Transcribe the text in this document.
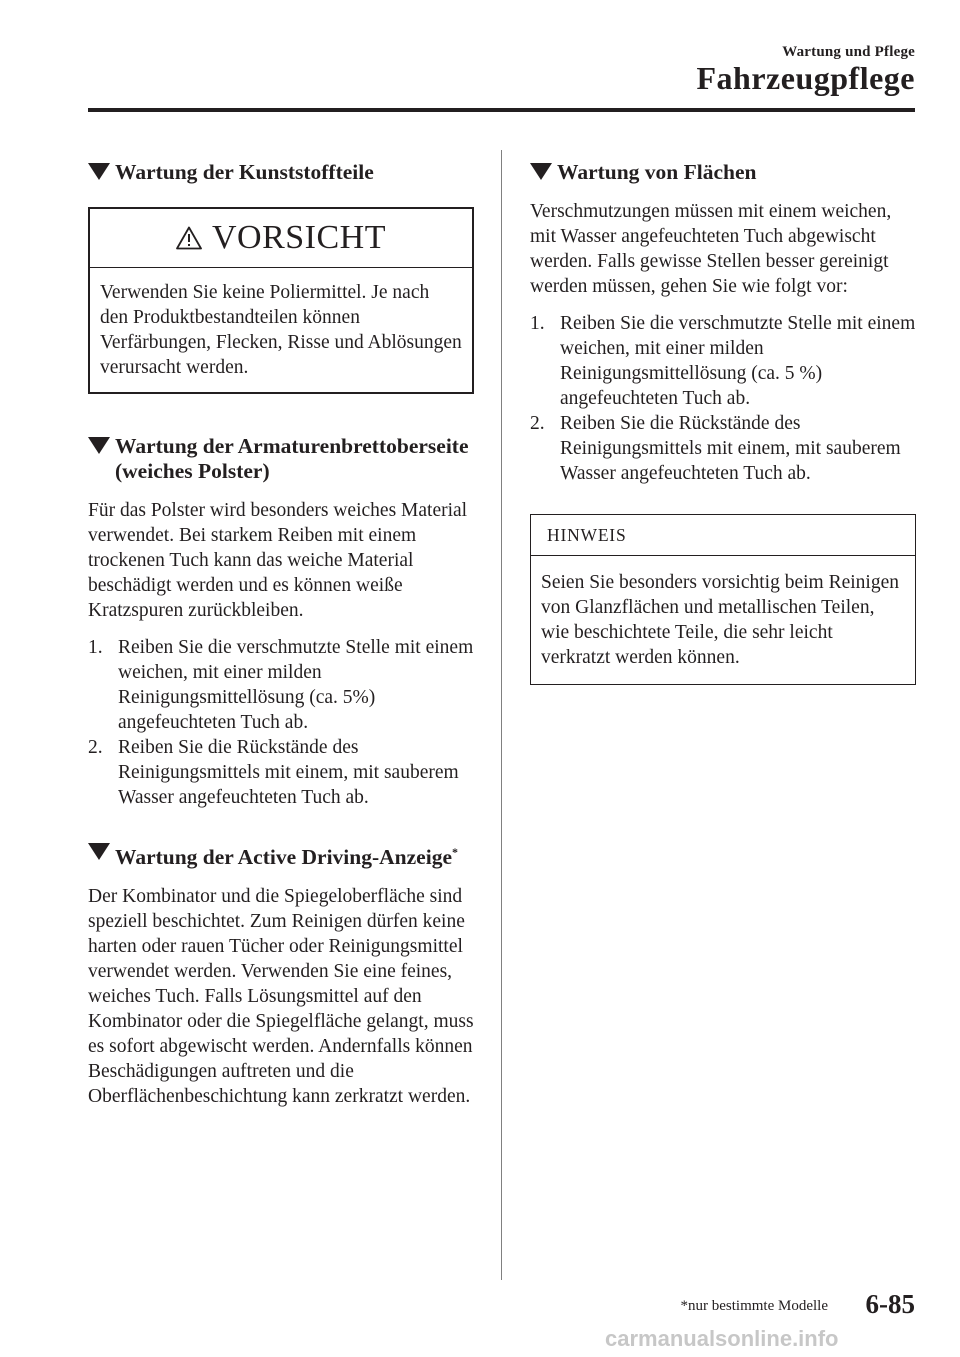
Wartung und Pflege
Fahrzeugpflege
Wartung der Kunststoffteile
VORSICHT
Verwenden Sie keine Poliermittel. Je nach den Produktbestandteilen können Verfärbungen, Flecken, Risse und Ablösungen verursacht werden.
Wartung der Armaturenbrettoberseite (weiches Polster)

Für das Polster wird besonders weiches Material verwendet. Bei starkem Reiben mit einem trockenen Tuch kann das weiche Material beschädigt werden und es können weiße Kratzspuren zurückbleiben.

1. Reiben Sie die verschmutzte Stelle mit einem weichen, mit einer milden Reinigungsmittellösung (ca. 5%) angefeuchteten Tuch ab.
2. Reiben Sie die Rückstände des Reinigungsmittels mit einem, mit sauberem Wasser angefeuchteten Tuch ab.
Wartung der Active Driving-Anzeige*

Der Kombinator und die Spiegeloberfläche sind speziell beschichtet. Zum Reinigen dürfen keine harten oder rauen Tücher oder Reinigungsmittel verwendet werden. Verwenden Sie eine feines, weiches Tuch. Falls Lösungsmittel auf den Kombinator oder die Spiegelfläche gelangt, muss es sofort abgewischt werden. Andernfalls können Beschädigungen auftreten und die Oberflächenbeschichtung kann zerkratzt werden.

Wartung von Flächen

Verschmutzungen müssen mit einem weichen, mit Wasser angefeuchteten Tuch abgewischt werden. Falls gewisse Stellen besser gereinigt werden müssen, gehen Sie wie folgt vor:

1. Reiben Sie die verschmutzte Stelle mit einem weichen, mit einer milden Reinigungsmittellösung (ca. 5 %) angefeuchteten Tuch ab.
2. Reiben Sie die Rückstände des Reinigungsmittels mit einem, mit sauberem Wasser angefeuchteten Tuch ab.
HINWEIS
Seien Sie besonders vorsichtig beim Reinigen von Glanzflächen und metallischen Teilen, wie beschichtete Teile, die sehr leicht verkratzt werden können.
*nur bestimmte Modelle 6-85
carmanualsonline.info
